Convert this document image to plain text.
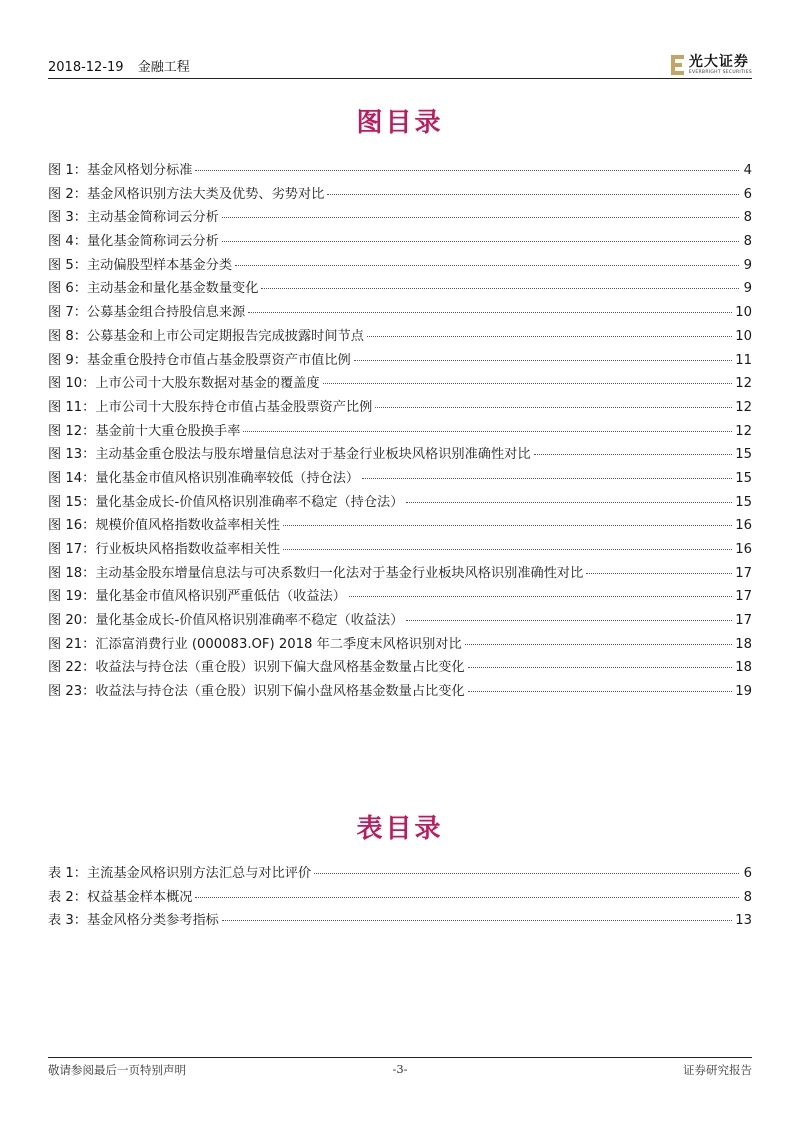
2018-12-19 金融工程	光大证券
EVERBRIGHT SECURITIES
图目录
图 1：基金风格划分标准	4
图 2：基金风格识别方法大类及优势、劣势对比	6
图 3：主动基金简称词云分析	8
图 4：量化基金简称词云分析	8
图 5：主动偏股型样本基金分类	9
图 6：主动基金和量化基金数量变化	9
图 7：公募基金组合持股信息来源	10
图 8：公募基金和上市公司定期报告完成披露时间节点	10
图 9：基金重仓股持仓市值占基金股票资产市值比例	11
图 10：上市公司十大股东数据对基金的覆盖度	12
图 11：上市公司十大股东持仓市值占基金股票资产比例	12
图 12：基金前十大重仓股换手率	12
图 13：主动基金重仓股法与股东增量信息法对于基金行业板块风格识别准确性对比	15
图 14：量化基金市值风格识别准确率较低（持仓法）	15
图 15：量化基金成长-价值风格识别准确率不稳定（持仓法）	15
图 16：规模价值风格指数收益率相关性	16
图 17：行业板块风格指数收益率相关性	16
图 18：主动基金股东增量信息法与可决系数归一化法对于基金行业板块风格识别准确性对比	17
图 19：量化基金市值风格识别严重低估（收益法）	17
图 20：量化基金成长-价值风格识别准确率不稳定（收益法）	17
图 21：汇添富消费行业 (000083.OF) 2018 年二季度末风格识别对比	18
图 22：收益法与持仓法（重仓股）识别下偏大盘风格基金数量占比变化	18
图 23：收益法与持仓法（重仓股）识别下偏小盘风格基金数量占比变化	19
表目录
表 1：主流基金风格识别方法汇总与对比评价	6
表 2：权益基金样本概况	8
表 3：基金风格分类参考指标	13
敬请参阅最后一页特别声明	-3-	证券研究报告
